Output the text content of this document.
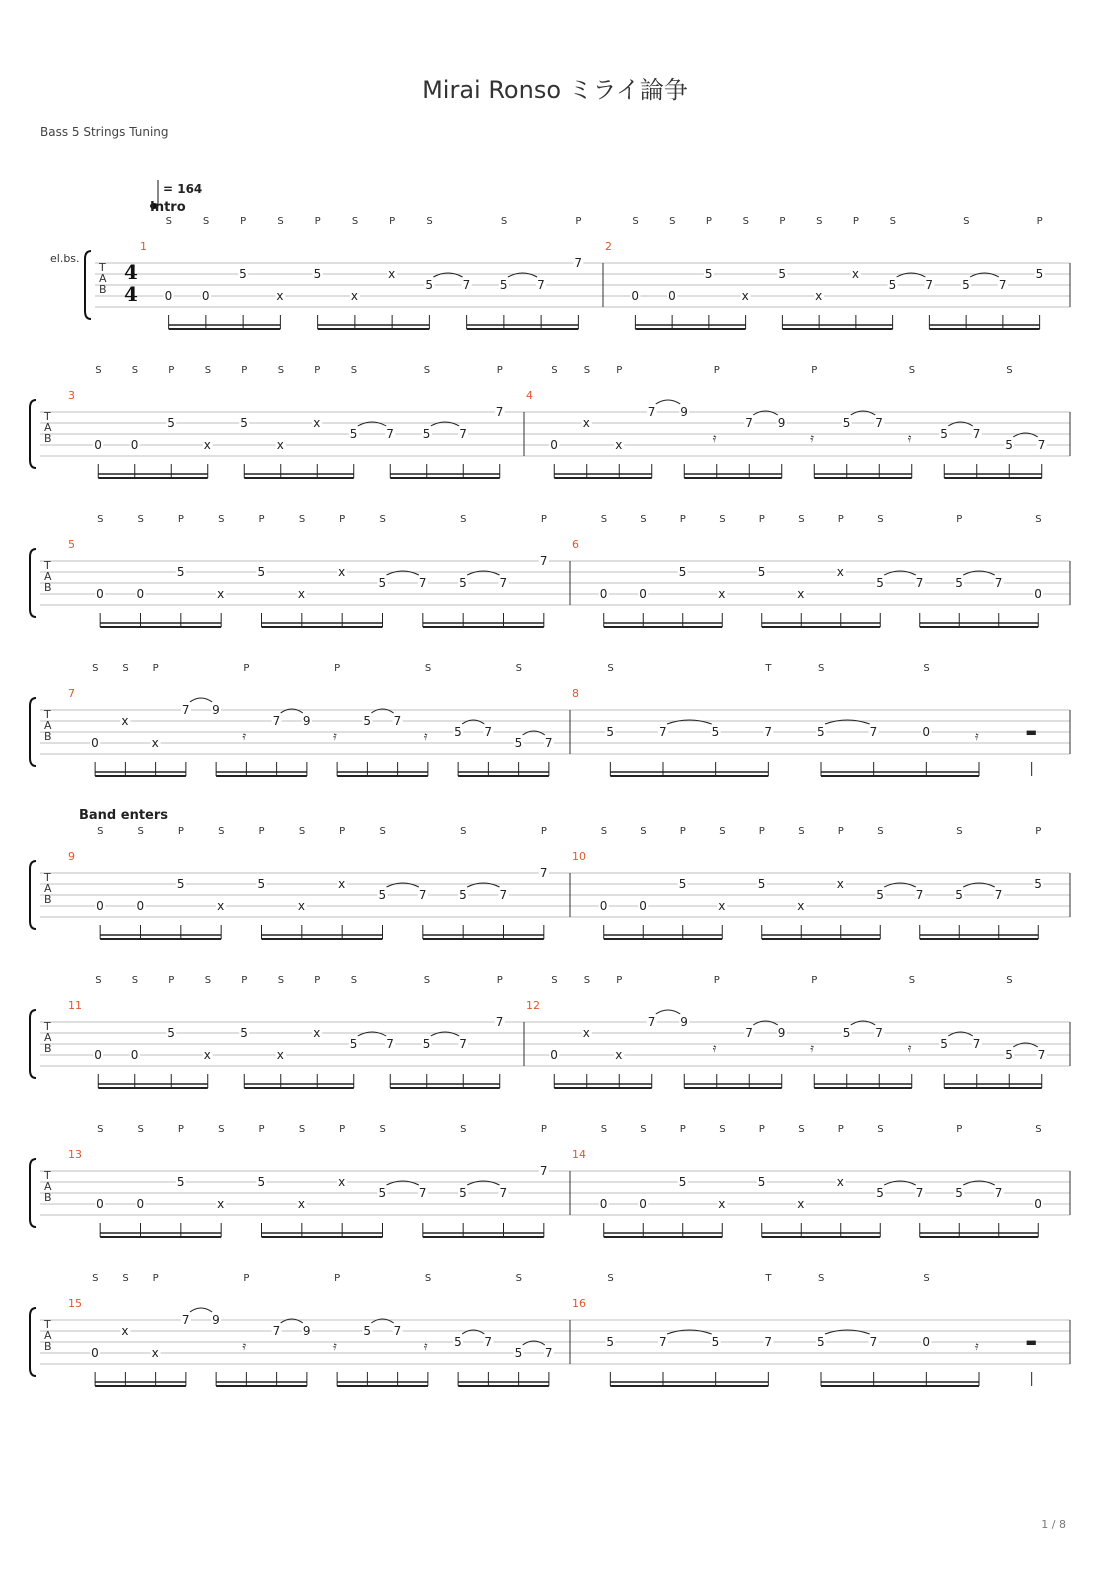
Mirai Ronso ミライ論争
Bass 5 Strings Tuning
T
A
B
el.bs.
4
4
= 164
Intro
1
S
0
S
0
P
5
S
x
P
5
S
x
P
x
S
5 7
S
5 7
P
7
2
S
0
S
0
P
5
S
x
P
5
S
x
P
x
S
5 7
S
5 7
P
5
T
A
B
3
S
0
S
0
P
5
S
x
P
5
S
x
P
x
S
5 7
S
5 7
P
7
4
S
0
S
x
P
x
7 9
P
𝄿
7 9
P
𝄿
5 7
S
𝄿 5 7
S
5 7
T
A
B
5
S
0
S
0
P
5
S
x
P
5
S
x
P
x
S
5	7
S
5	7
P
7
6
S
0
S
0
P
5
S
x
P
5
S
x
P
x
S
5	7
P
5	7
S
0
T
A
B
7
S
0
S
x
P
x
7 9
P
𝄿
7 9
P
𝄿
5 7
S
𝄿 5 7
S
5 7
8
S
5	7	5
T
7
S
5	7
S
0	𝄿	▬
T
A
B
Band enters
9
S
0
S
0
P
5
S
x
P
5
S
x
P
x
S
5	7
S
5	7
P
7
10
S
0
S
0
P
5
S
x
P
5
S
x
P
x
S
5	7
S
5	7
P
5
T
A
B
11
S
0
S
0
P
5
S
x
P
5
S
x
P
x
S
5 7
S
5 7
P
7
12
S
0
S
x
P
x
7 9
P
𝄿
7 9
P
𝄿
5 7
S
𝄿 5 7
S
5 7
T
A
B
13
S
0
S
0
P
5
S
x
P
5
S
x
P
x
S
5	7
S
5	7
P
7
14
S
0
S
0
P
5
S
x
P
5
S
x
P
x
S
5	7
P
5	7
S
0
T
A
B
15
S
0
S
x
P
x
7 9
P
𝄿
7 9
P
𝄿
5 7
S
𝄿 5 7
S
5 7
16
S
5	7	5
T
7
S
5	7
S
0	𝄿	▬
1 / 8
